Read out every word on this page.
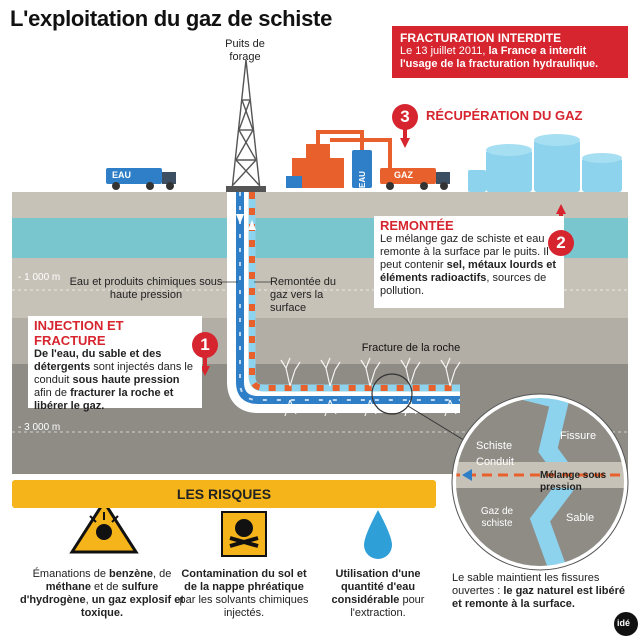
L'exploitation du gaz de schiste
FRACTURATION INTERDITE
Le 13 juillet 2011, la France a interdit l'usage de la fracturation hydraulique.
Puits de forage
EAU	GAZ
EAU
3	RÉCUPÉRATION DU GAZ
- 1 000 m
- 3 000 m
Eau et produits chimiques sous haute pression
Remontée du gaz vers la surface
Fracture de la roche
REMONTÉE
Le mélange gaz de schiste et eau remonte à la surface par le puits. Il peut contenir sel, métaux lourds et éléments radioactifs, sources de pollution.
2
INJECTION ET FRACTURE
De l'eau, du sable et des détergents sont injectés dans le conduit sous haute pression afin de fracturer la roche et libérer le gaz.
1
Fissure
Schiste
Conduit
Mélange sous pression
Gaz de schiste	Sable
Le sable maintient les fissures ouvertes : le gaz naturel est libéré et remonte à la surface.
LES RISQUES
Émanations de benzène, de méthane et de sulfure d'hydrogène, un gaz explosif et toxique.
Contamination du sol et de la nappe phréatique par les solvants chimiques injectés.
Utilisation d'une quantité d'eau considérable pour l'extraction.
idé
